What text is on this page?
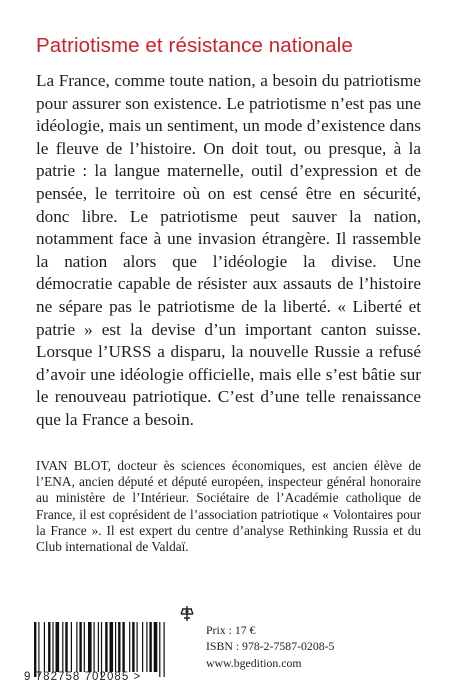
Patriotisme et résistance nationale
La France, comme toute nation, a besoin du patriotisme pour assurer son existence. Le patriotisme n’est pas une idéologie, mais un sentiment, un mode d’existence dans le fleuve de l’histoire. On doit tout, ou presque, à la patrie : la langue maternelle, outil d’expression et de pensée, le territoire où on est censé être en sécurité, donc libre. Le patriotisme peut sauver la nation, notamment face à une invasion étrangère. Il rassemble la nation alors que l’idéologie la divise. Une démocratie capable de résister aux assauts de l’histoire ne sépare pas le patriotisme de la liberté. « Liberté et patrie » est la devise d’un important canton suisse. Lorsque l’URSS a disparu, la nouvelle Russie a refusé d’avoir une idéologie officielle, mais elle s’est bâtie sur le renouveau patriotique. C’est d’une telle renaissance que la France a besoin.
IVAN BLOT, docteur ès sciences économiques, est ancien élève de l’ENA, ancien député et député européen, inspecteur général honoraire au ministère de l’Intérieur. Sociétaire de l’Académie catholique de France, il est coprésident de l’association patriotique « Volontaires pour la France ». Il est expert du centre d’analyse Rethinking Russia et du Club international de Valdaï.
9 782758 702085 >
Prix : 17 €
ISBN : 978-2-7587-0208-5
www.bgedition.com
